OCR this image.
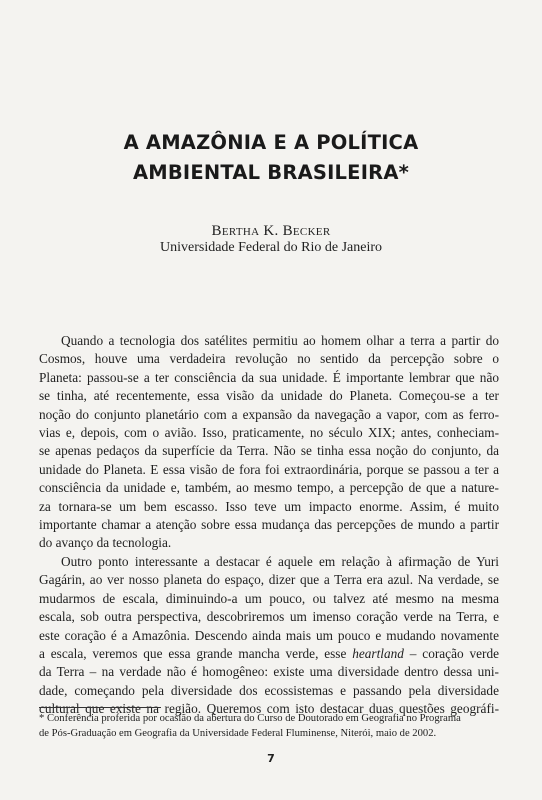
A AMAZÔNIA E A POLÍTICA
AMBIENTAL BRASILEIRA*
Bertha K. Becker
Universidade Federal do Rio de Janeiro
Quando a tecnologia dos satélites permitiu ao homem olhar a terra a partir do
Cosmos, houve uma verdadeira revolução no sentido da percepção sobre o
Planeta: passou-se a ter consciência da sua unidade. É importante lembrar que não
se tinha, até recentemente, essa visão da unidade do Planeta. Começou-se a ter
noção do conjunto planetário com a expansão da navegação a vapor, com as ferro-
vias e, depois, com o avião. Isso, praticamente, no século XIX; antes, conheciam-
se apenas pedaços da superfície da Terra. Não se tinha essa noção do conjunto, da
unidade do Planeta. E essa visão de fora foi extraordinária, porque se passou a ter a
consciência da unidade e, também, ao mesmo tempo, a percepção de que a nature-
za tornara-se um bem escasso. Isso teve um impacto enorme. Assim, é muito
importante chamar a atenção sobre essa mudança das percepções de mundo a partir
do avanço da tecnologia.
Outro ponto interessante a destacar é aquele em relação à afirmação de Yuri
Gagárin, ao ver nosso planeta do espaço, dizer que a Terra era azul. Na verdade, se
mudarmos de escala, diminuindo-a um pouco, ou talvez até mesmo na mesma
escala, sob outra perspectiva, descobriremos um imenso coração verde na Terra, e
este coração é a Amazônia. Descendo ainda mais um pouco e mudando novamente
a escala, veremos que essa grande mancha verde, esse heartland – coração verde
da Terra – na verdade não é homogêneo: existe uma diversidade dentro dessa uni-
dade, começando pela diversidade dos ecossistemas e passando pela diversidade
cultural que existe na região. Queremos com isto destacar duas questões geográfi-
* Conferência proferida por ocasião da abertura do Curso de Doutorado em Geografia no Programa
de Pós-Graduação em Geografia da Universidade Federal Fluminense, Niterói, maio de 2002.
7
